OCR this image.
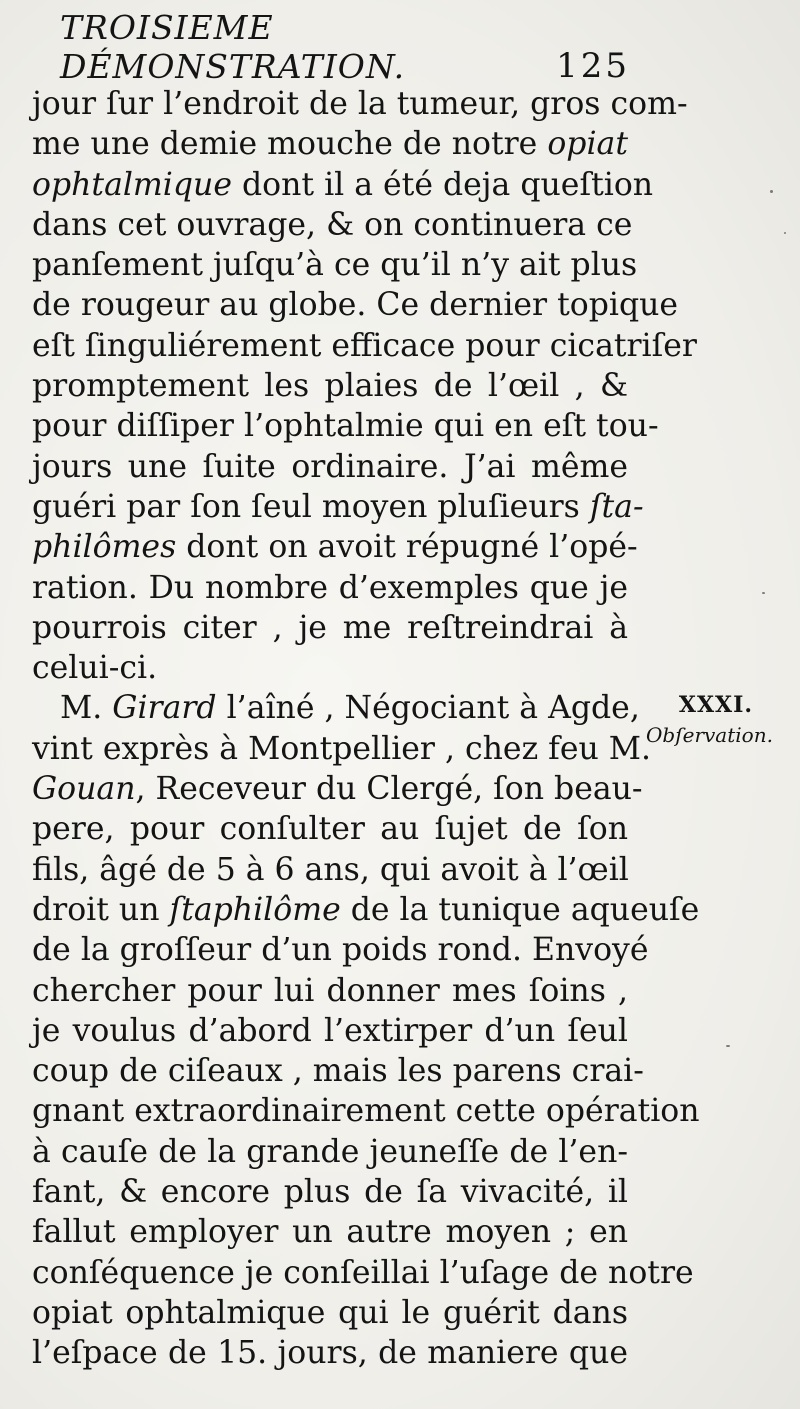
TROISIEME DÉMONSTRATION.	125
jour ſur l’endroit de la tumeur, gros com-
me une demie mouche de notre opiat
ophtalmique dont il a été deja queſtion
dans cet ouvrage, & on continuera ce
panſement juſqu’à ce qu’il n’y ait plus
de rougeur au globe. Ce dernier topique
eſt ſinguliérement efficace pour cicatriſer
promptement les plaies de l’œil , &
pour diſſiper l’ophtalmie qui en eſt tou-
jours une ſuite ordinaire. J’ai même
guéri par ſon ſeul moyen pluſieurs ſta-
philômes dont on avoit répugné l’opé-
ration. Du nombre d’exemples que je
pourrois citer , je me reſtreindrai à
celui-ci.
M. Girard l’aîné , Négociant à Agde,
vint exprès à Montpellier , chez feu M.
Gouan, Receveur du Clergé, ſon beau-
pere, pour conſulter au ſujet de ſon
fils, âgé de 5 à 6 ans, qui avoit à l’œil
droit un ſtaphilôme de la tunique aqueuſe
de la groſſeur d’un poids rond. Envoyé
chercher pour lui donner mes ſoins ,
je voulus d’abord l’extirper d’un ſeul
coup de ciſeaux , mais les parens crai-
gnant extraordinairement cette opération
à cauſe de la grande jeuneſſe de l’en-
fant, & encore plus de ſa vivacité, il
fallut employer un autre moyen ; en
conſéquence je conſeillai l’uſage de notre
opiat ophtalmique qui le guérit dans
l’eſpace de 15. jours, de maniere que
XXXI.
Obſervation.
